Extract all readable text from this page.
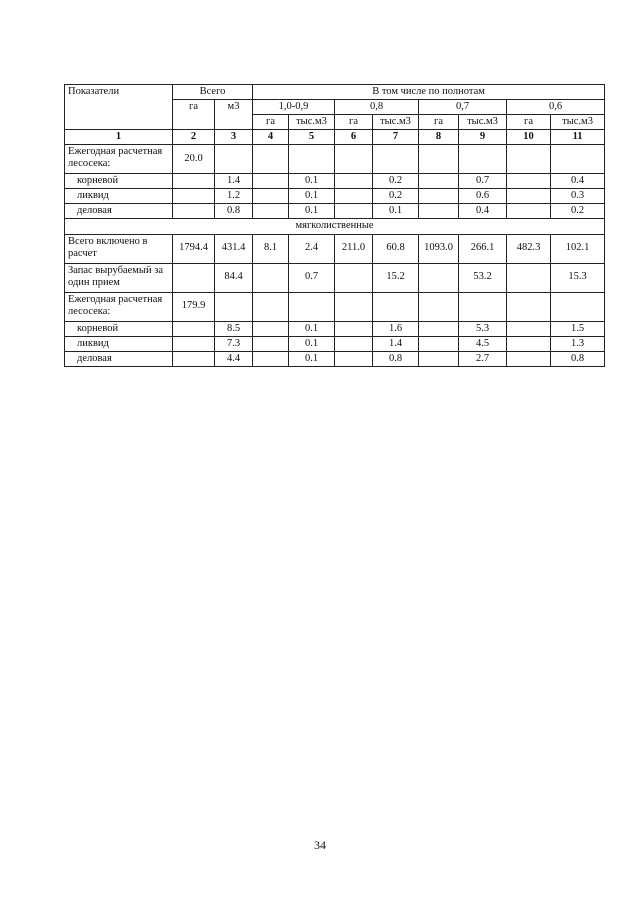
Показатели	Всего		В том числе по полнотам							
	га	м3	1,0-0,9		0,8		0,7		0,6	
			га	тыс.м3	га	тыс.м3	га	тыс.м3	га	тыс.м3
1	2	3	4	5	6	7	8	9	10	11
Ежегодная расчетная лесосека:	20.0									
корневой		1.4		0.1		0.2		0.7		0.4
ликвид		1.2		0.1		0.2		0.6		0.3
деловая		0.8		0.1		0.1		0.4		0.2
мягколиственные										
Всего включено в расчет	1794.4	431.4	8.1	2.4	211.0	60.8	1093.0	266.1	482.3	102.1
Запас вырубаемый за один прием		84.4		0.7		15.2		53.2		15.3
Ежегодная расчетная лесосека:	179.9									
корневой		8.5		0.1		1.6		5.3		1.5
ликвид		7.3		0.1		1.4		4.5		1.3
деловая		4.4		0.1		0.8		2.7		0.8
34
